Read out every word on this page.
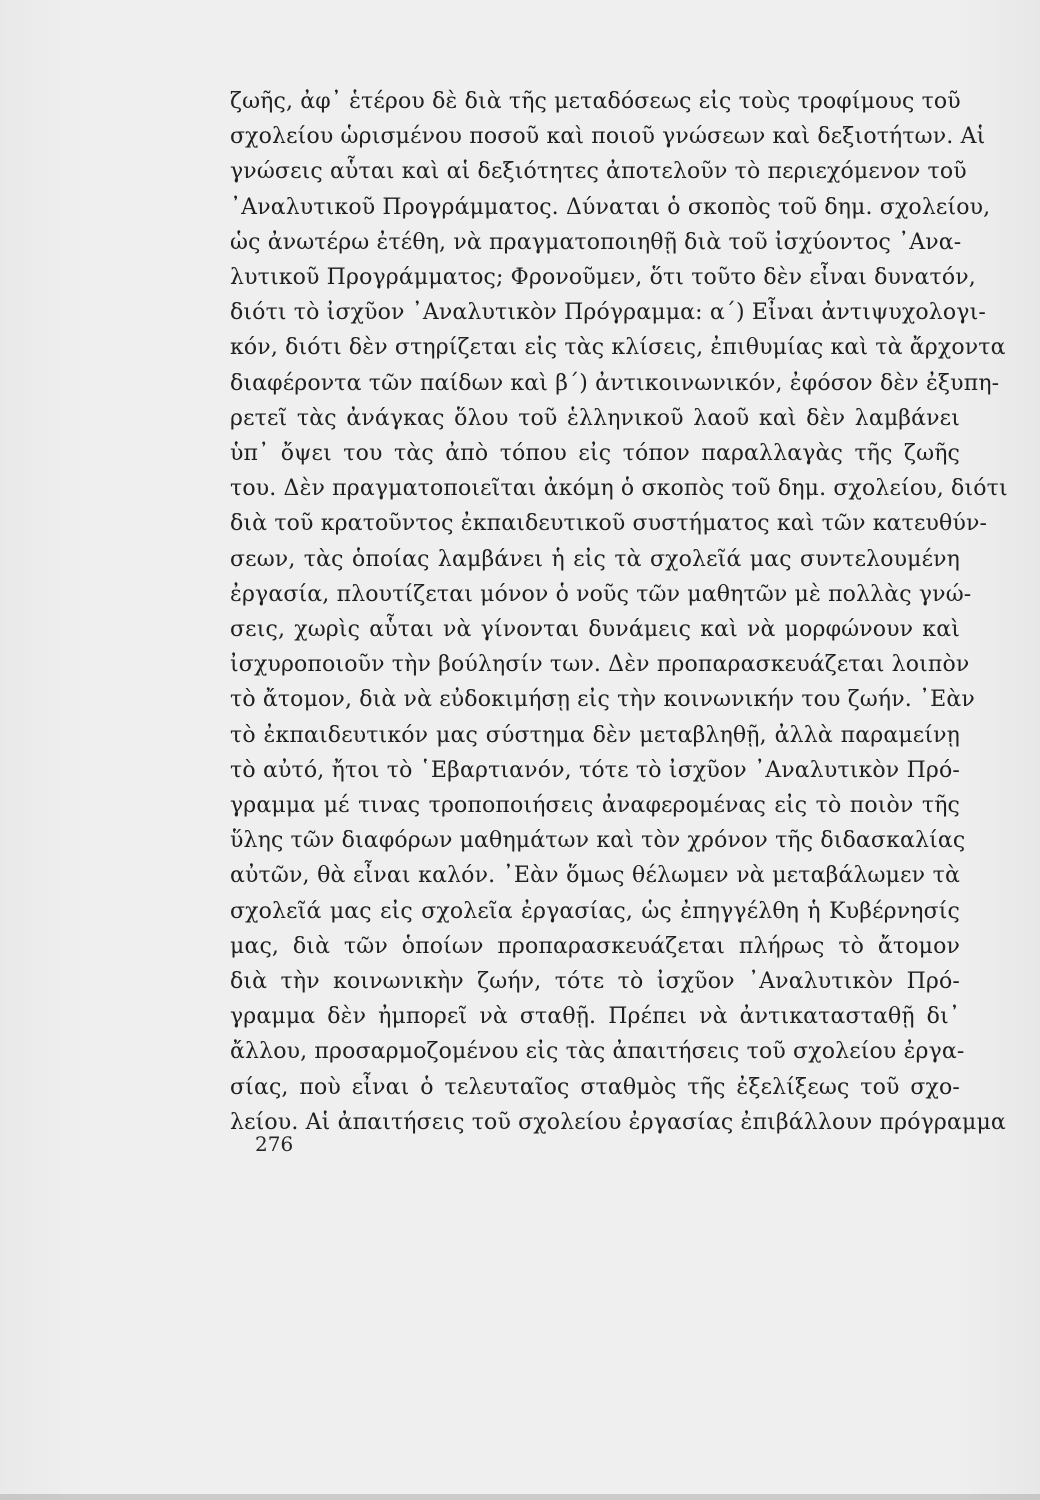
ζωῆς, ἀφ᾽ ἑτέρου δὲ διὰ τῆς μεταδόσεως εἰς τοὺς τροφίμους τοῦ
σχολείου ὡρισμένου ποσοῦ καὶ ποιοῦ γνώσεων καὶ δεξιοτήτων. Αἱ
γνώσεις αὗται καὶ αἱ δεξιότητες ἀποτελοῦν τὸ περιεχόμενον τοῦ
᾽Αναλυτικοῦ Προγράμματος. Δύναται ὁ σκοπὸς τοῦ δημ. σχολείου,
ὡς ἀνωτέρω ἐτέθη, νὰ πραγματοποιηθῇ διὰ τοῦ ἰσχύοντος ᾽Ανα-
λυτικοῦ Προγράμματος; Φρονοῦμεν, ὅτι τοῦτο δὲν εἶναι δυνατόν,
διότι τὸ ἰσχῦον ᾽Αναλυτικὸν Πρόγραμμα: α΄) Εἶναι ἀντιψυχολογι-
κόν, διότι δὲν στηρίζεται εἰς τὰς κλίσεις, ἐπιθυμίας καὶ τὰ ἄρχοντα
διαφέροντα τῶν παίδων καὶ β΄) ἀντικοινωνικόν, ἐφόσον δὲν ἐξυπη-
ρετεῖ τὰς ἀνάγκας ὅλου τοῦ ἑλληνικοῦ λαοῦ καὶ δὲν λαμβάνει
ὑπ᾽ ὄψει του τὰς ἀπὸ τόπου εἰς τόπον παραλλαγὰς τῆς ζωῆς
του. Δὲν πραγματοποιεῖται ἀκόμη ὁ σκοπὸς τοῦ δημ. σχολείου, διότι
διὰ τοῦ κρατοῦντος ἐκπαιδευτικοῦ συστήματος καὶ τῶν κατευθύν-
σεων, τὰς ὁποίας λαμβάνει ἡ εἰς τὰ σχολεῖά μας συντελουμένη
ἐργασία, πλουτίζεται μόνον ὁ νοῦς τῶν μαθητῶν μὲ πολλὰς γνώ-
σεις, χωρὶς αὗται νὰ γίνονται δυνάμεις καὶ νὰ μορφώνουν καὶ
ἰσχυροποιοῦν τὴν βούλησίν των. Δὲν προπαρασκευάζεται λοιπὸν
τὸ ἄτομον, διὰ νὰ εὐδοκιμήσῃ εἰς τὴν κοινωνικήν του ζωήν. ᾽Εὰν
τὸ ἐκπαιδευτικόν μας σύστημα δὲν μεταβληθῇ, ἀλλὰ παραμείνῃ
τὸ αὐτό, ἤτοι τὸ ῾Εβαρτιανόν, τότε τὸ ἰσχῦον ᾽Αναλυτικὸν Πρό-
γραμμα μέ τινας τροποποιήσεις ἀναφερομένας εἰς τὸ ποιὸν τῆς
ὕλης τῶν διαφόρων μαθημάτων καὶ τὸν χρόνον τῆς διδασκαλίας
αὐτῶν, θὰ εἶναι καλόν. ᾽Εὰν ὅμως θέλωμεν νὰ μεταβάλωμεν τὰ
σχολεῖά μας εἰς σχολεῖα ἐργασίας, ὡς ἐπηγγέλθη ἡ Κυβέρνησίς
μας, διὰ τῶν ὁποίων προπαρασκευάζεται πλήρως τὸ ἄτομον
διὰ τὴν κοινωνικὴν ζωήν, τότε τὸ ἰσχῦον ᾽Αναλυτικὸν Πρό-
γραμμα δὲν ἠμπορεῖ νὰ σταθῇ. Πρέπει νὰ ἀντικατασταθῇ δι᾽
ἄλλου, προσαρμοζομένου εἰς τὰς ἀπαιτήσεις τοῦ σχολείου ἐργα-
σίας, ποὺ εἶναι ὁ τελευταῖος σταθμὸς τῆς ἐξελίξεως τοῦ σχο-
λείου. Αἱ ἀπαιτήσεις τοῦ σχολείου ἐργασίας ἐπιβάλλουν πρόγραμμα
276
